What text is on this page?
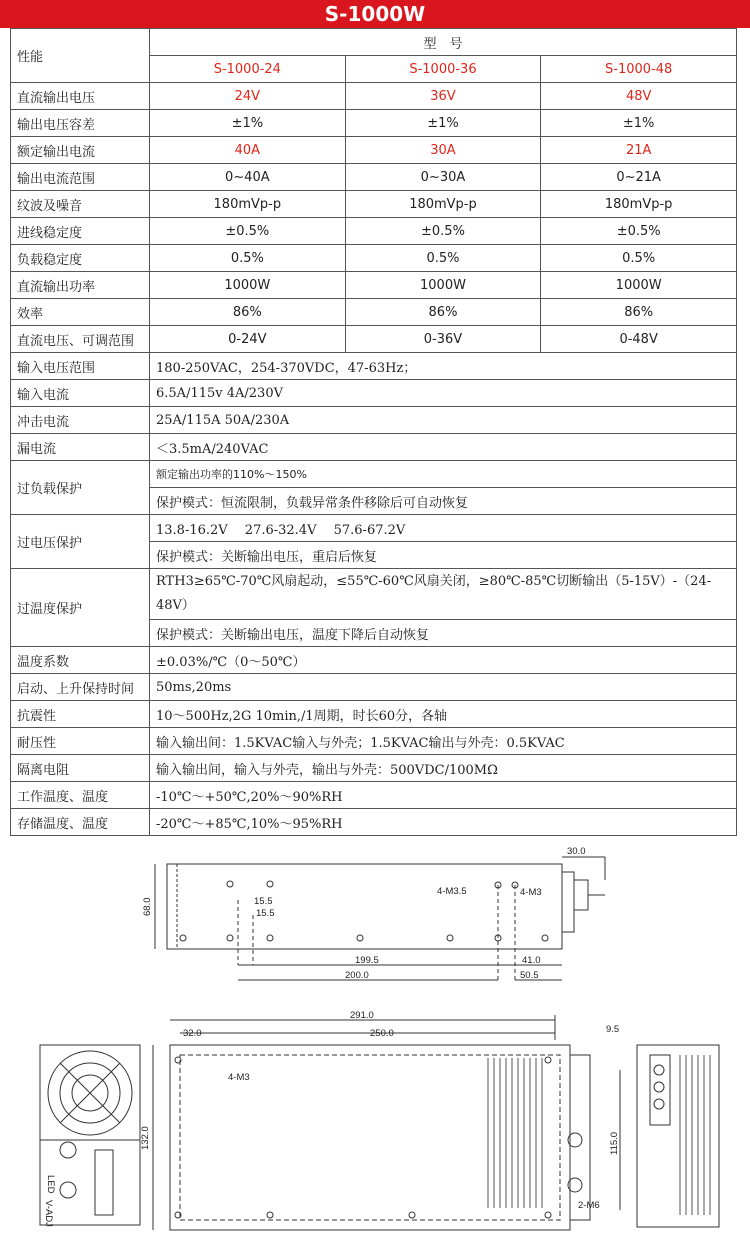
S-1000W
性能	型　号		
	S-1000-24	S-1000-36	S-1000-48
直流输出电压	24V	36V	48V
输出电压容差	±1%	±1%	±1%
额定输出电流	40A	30A	21A
输出电流范围	0~40A	0~30A	0~21A
纹波及噪音	180mVp-p	180mVp-p	180mVp-p
进线稳定度	±0.5%	±0.5%	±0.5%
负载稳定度	0.5%	0.5%	0.5%
直流输出功率	1000W	1000W	1000W
效率	86%	86%	86%
直流电压、可调范围	0-24V	0-36V	0-48V
输入电压范围	180-250VAC，254-370VDC，47-63Hz；		
输入电流	6.5A/115v 4A/230V		
冲击电流	25A/115A 50A/230A		
漏电流	＜3.5mA/240VAC		
过负载保护	额定输出功率的110%～150%		
	保护模式：恒流限制，负载异常条件移除后可自动恢复		
过电压保护	13.8-16.2V　 27.6-32.4V　 57.6-67.2V		
	保护模式：关断输出电压，重启后恢复		
过温度保护	RTH3≥65℃-70℃风扇起动，≤55℃-60℃风扇关闭，≥80℃-85℃切断输出（5-15V）-（24-48V）		
	保护模式：关断输出电压，温度下降后自动恢复		
温度系数	±0.03%/℃（0～50℃）		
启动、上升保持时间	50ms,20ms		
抗震性	10～500Hz,2G 10min,/1周期，时长60分，各轴		
耐压性	输入输出间：1.5KVAC输入与外壳；1.5KVAC输出与外壳：0.5KVAC		
隔离电阻	输入输出间，输入与外壳，输出与外壳：500VDC/100MΩ		
工作温度、温度	-10℃～+50℃,20%～90%RH		
存储温度、温度	-20℃～+85℃,10%～95%RH		
30.0
68.0	15.5
15.5
4-M3.5	4-M3
199.5
200.0
41.0
50.5
291.0
32.0	250.0	9.5
4-M3
132.0	115.0
2-M6
LED
V-ADJ
